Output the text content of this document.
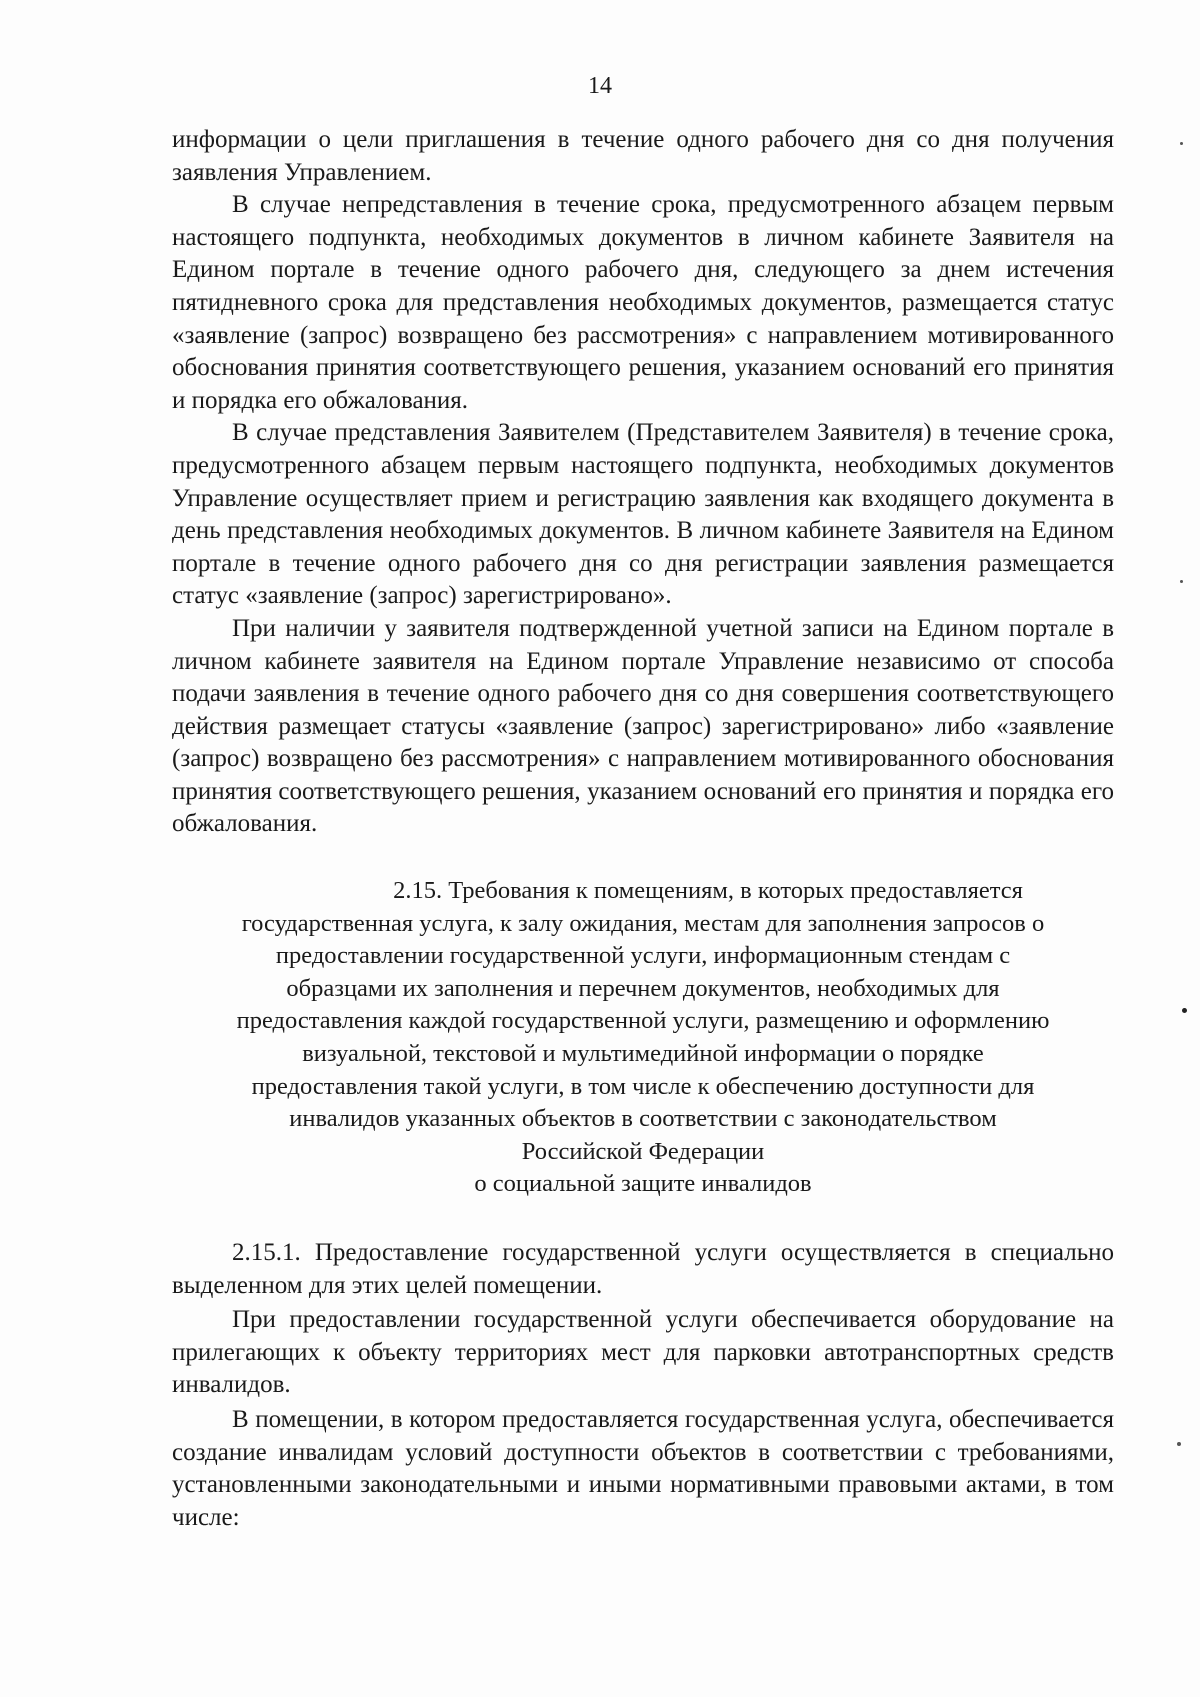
14

информации о цели приглашения в течение одного рабочего дня со дня получения заявления Управлением.

В случае непредставления в течение срока, предусмотренного абзацем первым настоящего подпункта, необходимых документов в личном кабинете Заявителя на Едином портале в течение одного рабочего дня, следующего за днем истечения пятидневного срока для представления необходимых документов, размещается статус «заявление (запрос) возвращено без рассмотрения» с направлением мотивированного обоснования принятия соответствующего решения, указанием оснований его принятия и порядка его обжалования.

В случае представления Заявителем (Представителем Заявителя) в течение срока, предусмотренного абзацем первым настоящего подпункта, необходимых документов Управление осуществляет прием и регистрацию заявления как входящего документа в день представления необходимых документов. В личном кабинете Заявителя на Едином портале в течение одного рабочего дня со дня регистрации заявления размещается статус «заявление (запрос) зарегистрировано».

При наличии у заявителя подтвержденной учетной записи на Едином портале в личном кабинете заявителя на Едином портале Управление независимо от способа подачи заявления в течение одного рабочего дня со дня совершения соответствующего действия размещает статусы «заявление (запрос) зарегистрировано» либо «заявление (запрос) возвращено без рассмотрения» с направлением мотивированного обоснования принятия соответствующего решения, указанием оснований его принятия и порядка его обжалования.

2.15. Требования к помещениям, в которых предоставляется
государственная услуга, к залу ожидания, местам для заполнения запросов о
предоставлении государственной услуги, информационным стендам с
образцами их заполнения и перечнем документов, необходимых для
предоставления каждой государственной услуги, размещению и оформлению
визуальной, текстовой и мультимедийной информации о порядке
предоставления такой услуги, в том числе к обеспечению доступности для
инвалидов указанных объектов в соответствии с законодательством
Российской Федерации
о социальной защите инвалидов

2.15.1. Предоставление государственной услуги осуществляется в специально выделенном для этих целей помещении.

При предоставлении государственной услуги обеспечивается оборудование на прилегающих к объекту территориях мест для парковки автотранспортных средств инвалидов.

В помещении, в котором предоставляется государственная услуга, обеспечивается создание инвалидам условий доступности объектов в соответствии с требованиями, установленными законодательными и иными нормативными правовыми актами, в том числе:
